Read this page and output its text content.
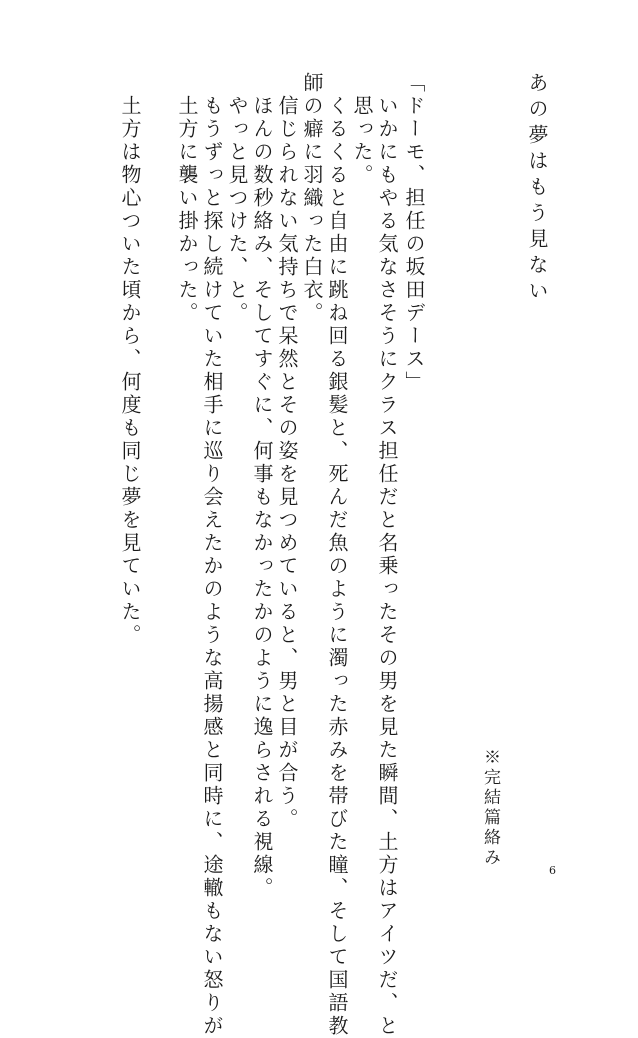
あの夢はもう見ない
「ドーモ、担任の坂田デース」
いかにもやる気なさそうにクラス担任だと名乗ったその男を見た瞬間、土方はアイツだ、と
思った。
くるくると自由に跳ね回る銀髪と、死んだ魚のように濁った赤みを帯びた瞳、そして国語教
師の癖に羽織った白衣。
信じられない気持ちで呆然とその姿を見つめていると、男と目が合う。
ほんの数秒絡み、そしてすぐに、何事もなかったかのように逸らされる視線。
やっと見つけた、と。
もうずっと探し続けていた相手に巡り会えたかのような高揚感と同時に、途轍もない怒りが
土方に襲い掛かった。
土方は物心ついた頃から、何度も同じ夢を見ていた。
※完結篇絡み
6
